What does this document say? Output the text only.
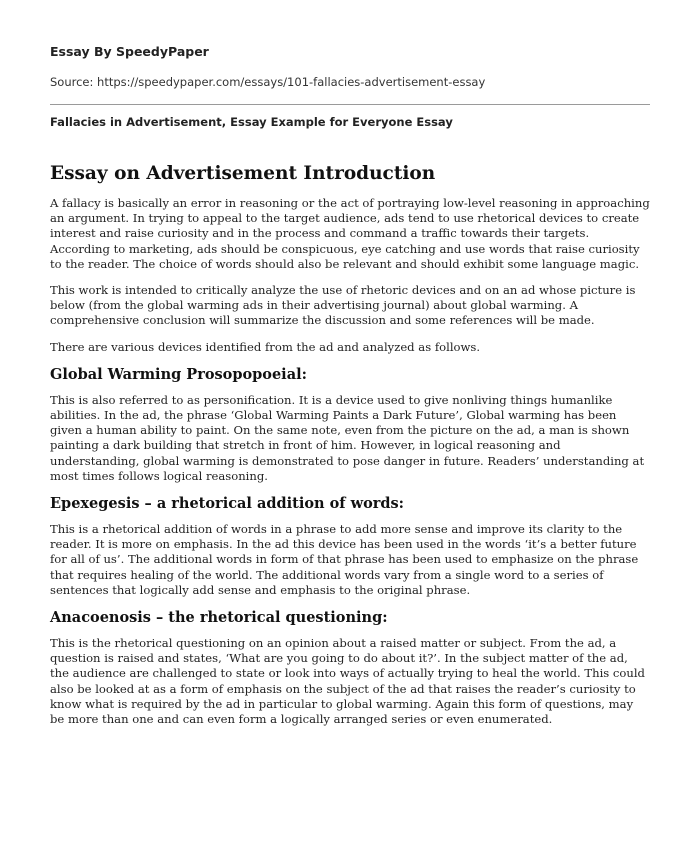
Essay By SpeedyPaper
Source: https://speedypaper.com/essays/101-fallacies-advertisement-essay
Fallacies in Advertisement, Essay Example for Everyone Essay
Essay on Advertisement Introduction

A fallacy is basically an error in reasoning or the act of portraying low-level reasoning in approaching an argument. In trying to appeal to the target audience, ads tend to use rhetorical devices to create interest and raise curiosity and in the process and command a traffic towards their targets. According to marketing, ads should be conspicuous, eye catching and use words that raise curiosity to the reader. The choice of words should also be relevant and should exhibit some language magic.

This work is intended to critically analyze the use of rhetoric devices and on an ad whose picture is below (from the global warming ads in their advertising journal) about global warming. A comprehensive conclusion will summarize the discussion and some references will be made.

There are various devices identified from the ad and analyzed as follows.

Global Warming Prosopopoeial:

This is also referred to as personification. It is a device used to give nonliving things humanlike abilities. In the ad, the phrase ‘Global Warming Paints a Dark Future’, Global warming has been given a human ability to paint. On the same note, even from the picture on the ad, a man is shown painting a dark building that stretch in front of him. However, in logical reasoning and understanding, global warming is demonstrated to pose danger in future. Readers’ understanding at most times follows logical reasoning.

Epexegesis – a rhetorical addition of words:

This is a rhetorical addition of words in a phrase to add more sense and improve its clarity to the reader. It is more on emphasis. In the ad this device has been used in the words ‘it’s a better future for all of us’. The additional words in form of that phrase has been used to emphasize on the phrase that requires healing of the world. The additional words vary from a single word to a series of sentences that logically add sense and emphasis to the original phrase.

Anacoenosis – the rhetorical questioning:

This is the rhetorical questioning on an opinion about a raised matter or subject. From the ad, a question is raised and states, ‘What are you going to do about it?’. In the subject matter of the ad, the audience are challenged to state or look into ways of actually trying to heal the world. This could also be looked at as a form of emphasis on the subject of the ad that raises the reader’s curiosity to know what is required by the ad in particular to global warming. Again this form of questions, may be more than one and can even form a logically arranged series or even enumerated.
